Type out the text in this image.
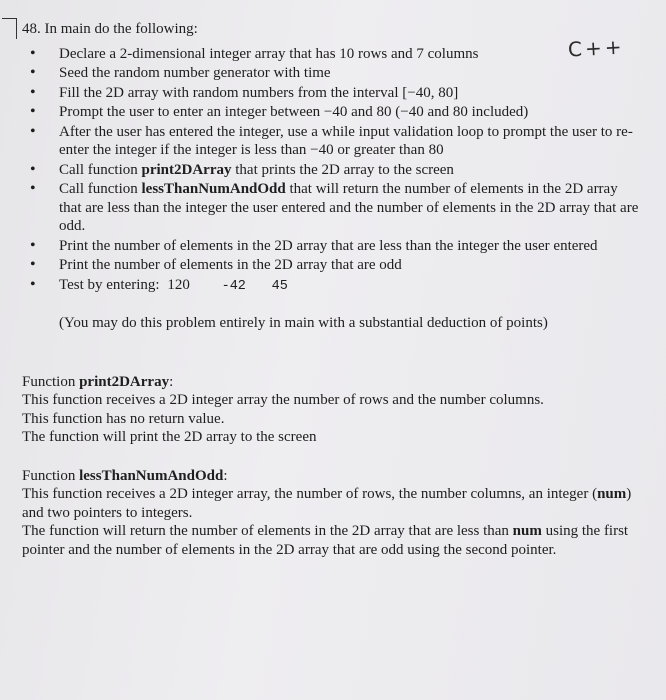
C++

48. In main do the following:

• Declare a 2-dimensional integer array that has 10 rows and 7 columns
• Seed the random number generator with time
• Fill the 2D array with random numbers from the interval [−40, 80]
• Prompt the user to enter an integer between −40 and 80 (−40 and 80 included)
• After the user has entered the integer, use a while input validation loop to prompt the user to re-enter the integer if the integer is less than −40 or greater than 80
• Call function print2DArray that prints the 2D array to the screen
• Call function lessThanNumAndOdd that will return the number of elements in the 2D array that are less than the integer the user entered and the number of elements in the 2D array that are odd.
• Print the number of elements in the 2D array that are less than the integer the user entered
• Print the number of elements in the 2D array that are odd
• Test by entering: 120 -42 45

(You may do this problem entirely in main with a substantial deduction of points)

Function print2DArray:

This function receives a 2D integer array the number of rows and the number columns.

This function has no return value.

The function will print the 2D array to the screen

Function lessThanNumAndOdd:

This function receives a 2D integer array, the number of rows, the number columns, an integer (num) and two pointers to integers.

The function will return the number of elements in the 2D array that are less than num using the first pointer and the number of elements in the 2D array that are odd using the second pointer.
